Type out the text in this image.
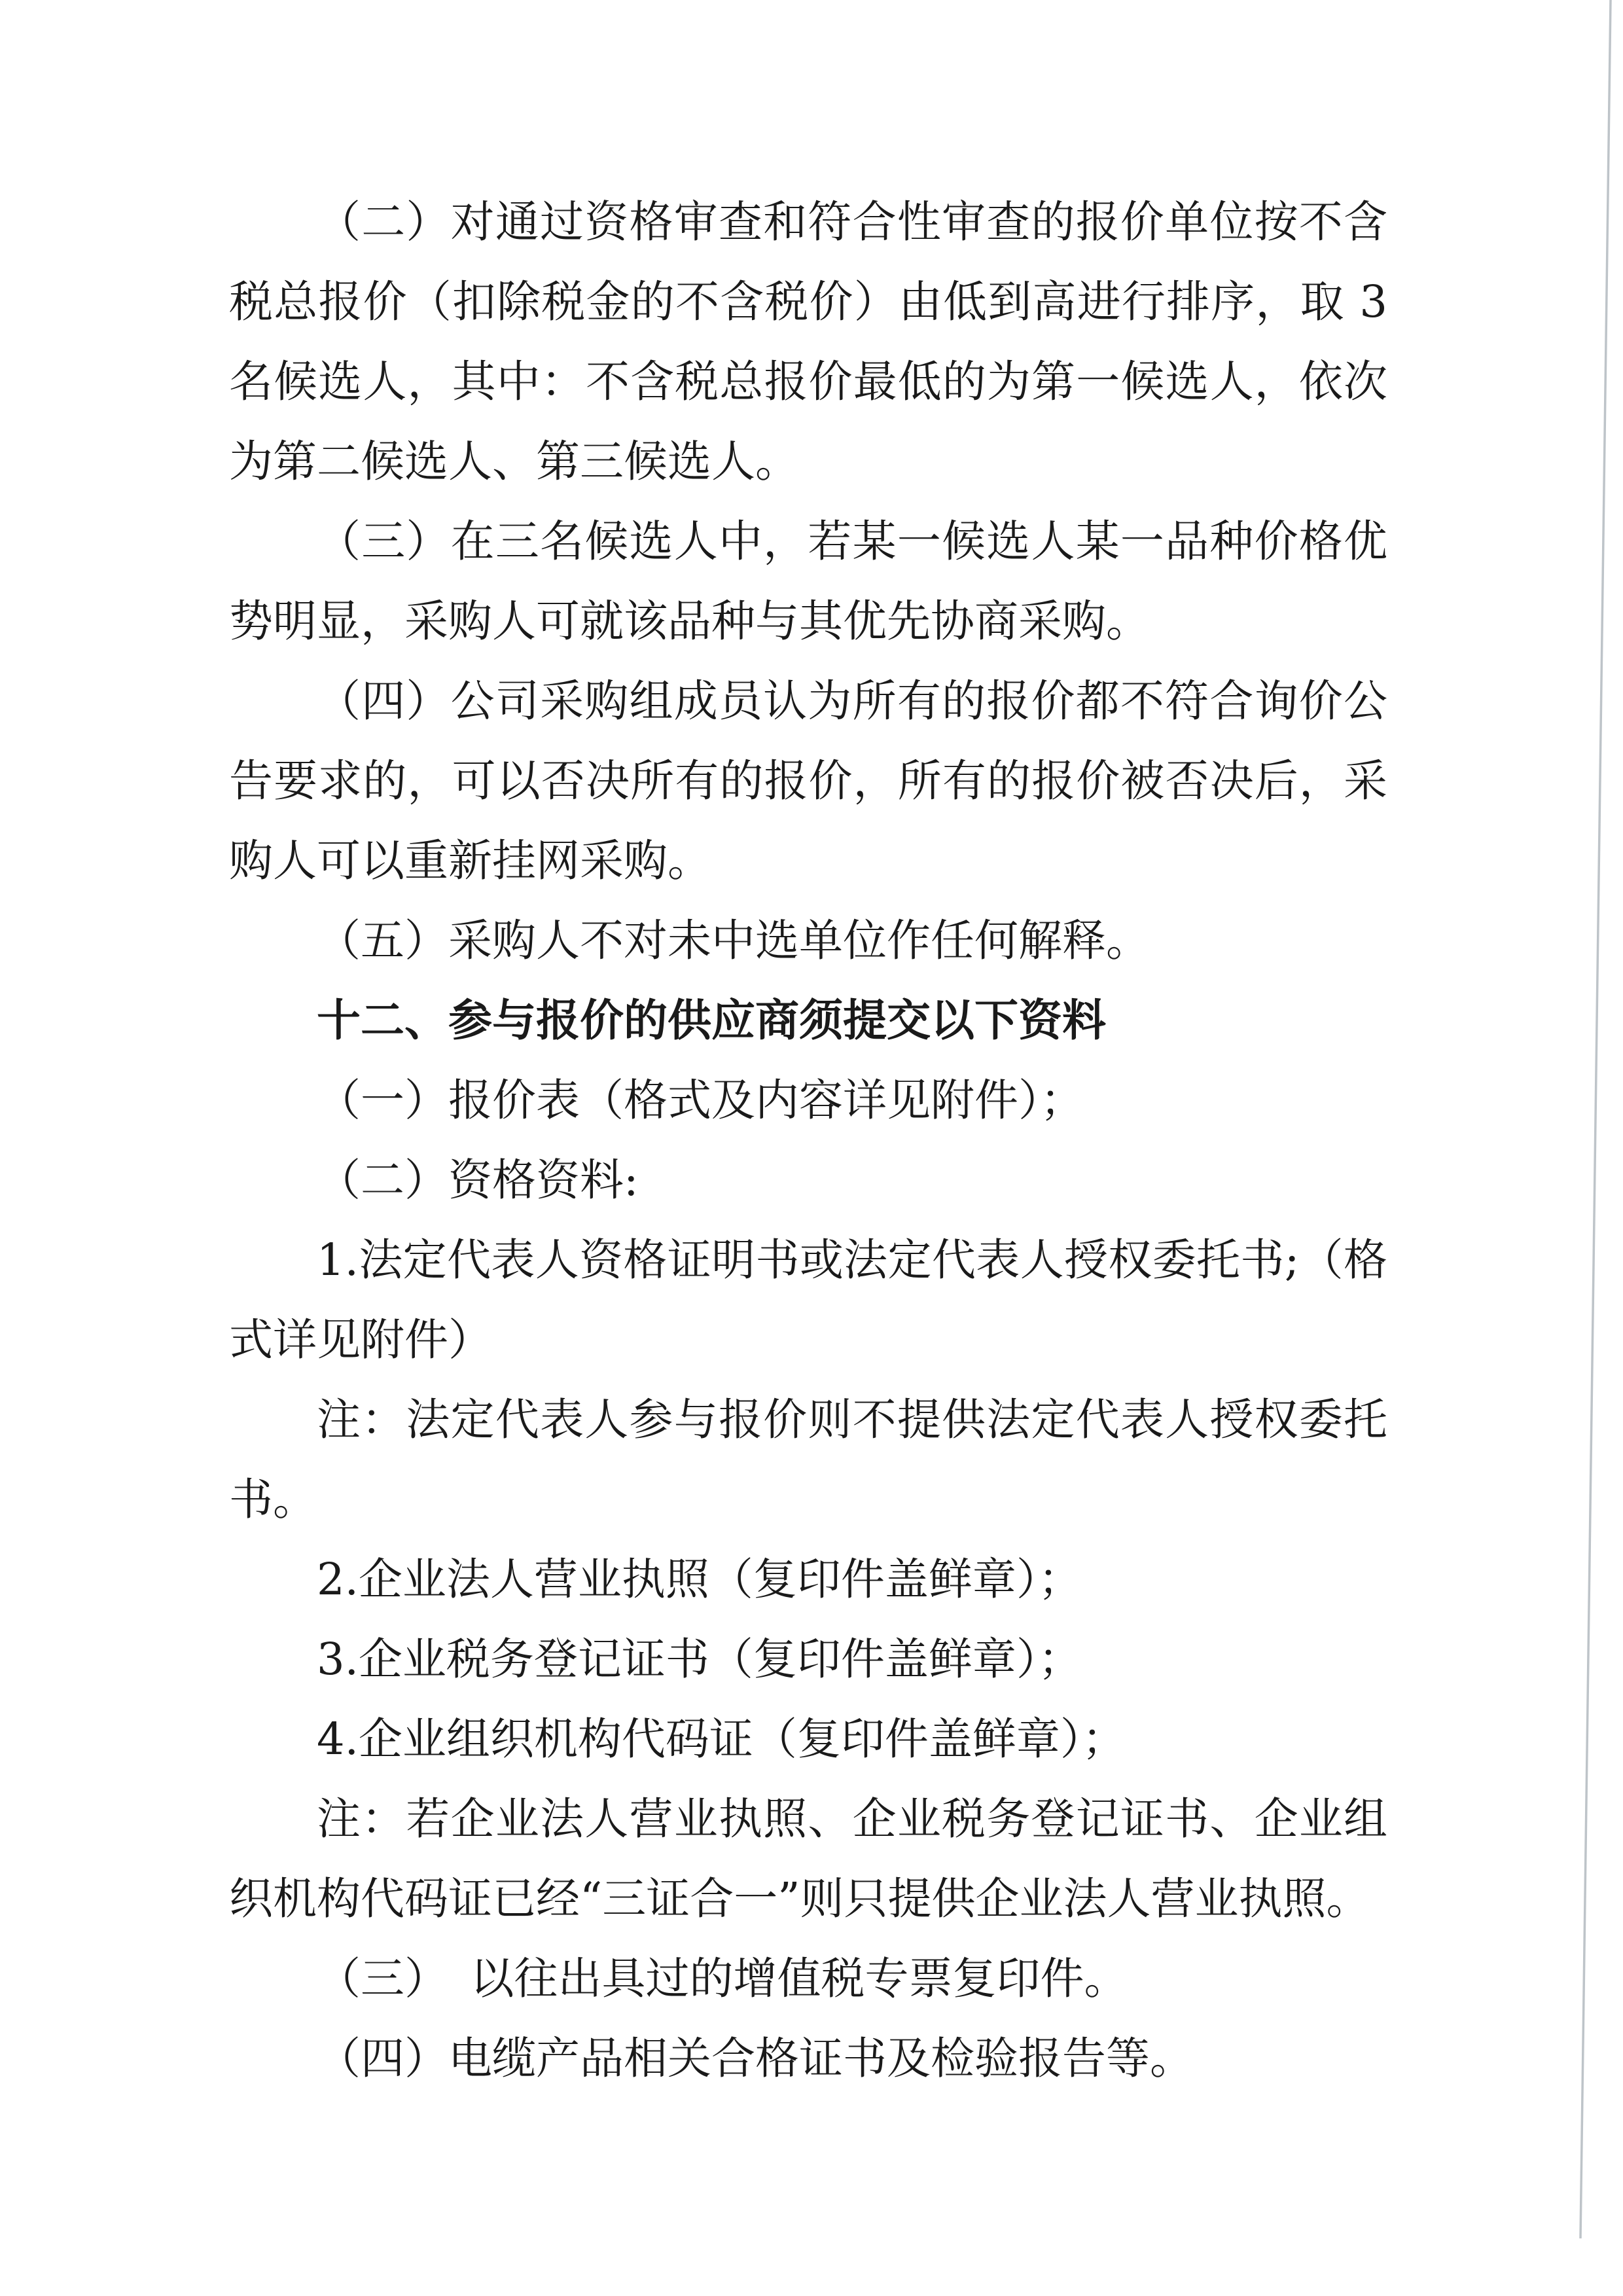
（二）对通过资格审查和符合性审查的报价单位按不含税总报价（扣除税金的不含税价）由低到高进行排序，取 3 名候选人，其中：不含税总报价最低的为第一候选人，依次为第二候选人、第三候选人。

（三）在三名候选人中，若某一候选人某一品种价格优势明显，采购人可就该品种与其优先协商采购。

（四）公司采购组成员认为所有的报价都不符合询价公告要求的，可以否决所有的报价，所有的报价被否决后，采购人可以重新挂网采购。

（五）采购人不对未中选单位作任何解释。

十二、参与报价的供应商须提交以下资料

（一）报价表（格式及内容详见附件）；

（二）资格资料:

1.法定代表人资格证明书或法定代表人授权委托书;（格式详见附件）

注：法定代表人参与报价则不提供法定代表人授权委托书。

2.企业法人营业执照（复印件盖鲜章）；

3.企业税务登记证书（复印件盖鲜章）；

4.企业组织机构代码证（复印件盖鲜章）；

注：若企业法人营业执照、企业税务登记证书、企业组织机构代码证已经“三证合一”则只提供企业法人营业执照。

（三）　以往出具过的增值税专票复印件。

（四）电缆产品相关合格证书及检验报告等。
